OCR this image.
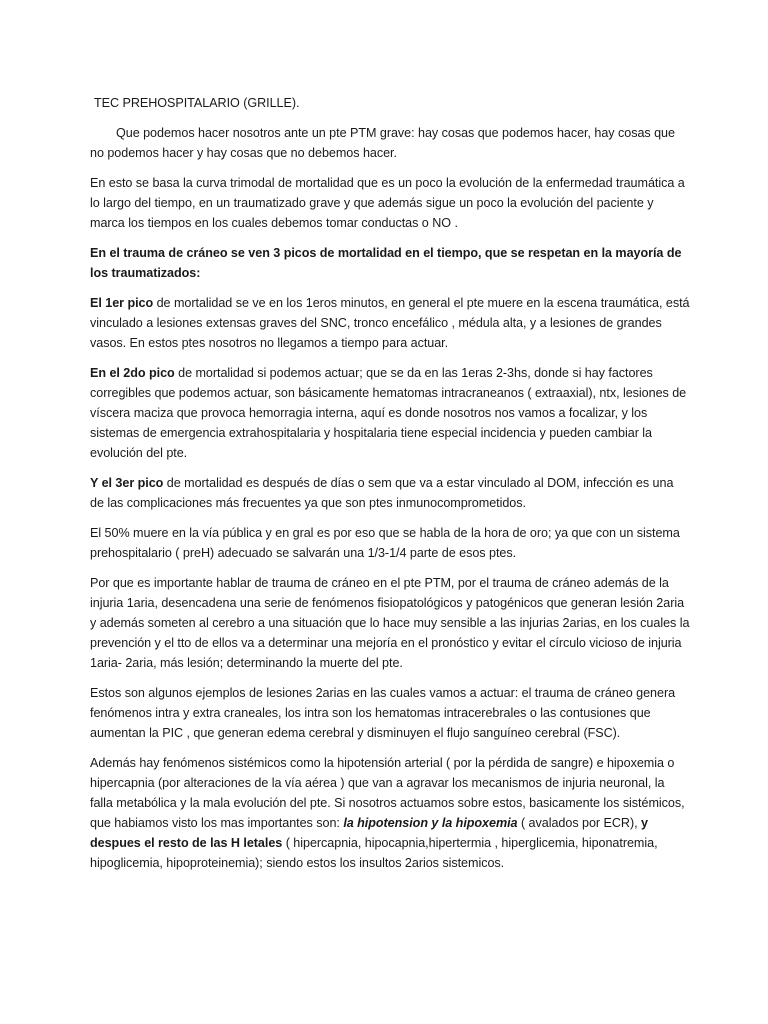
TEC PREHOSPITALARIO (GRILLE).

Que podemos hacer nosotros ante un pte PTM grave: hay cosas que podemos hacer, hay cosas que no podemos hacer y hay cosas que no debemos hacer.

En esto se basa la curva trimodal de mortalidad que es un poco la evolución de la enfermedad traumática a lo largo del tiempo, en un traumatizado grave y que además sigue un poco la evolución del paciente y marca los tiempos en los cuales debemos tomar conductas o NO .

En el trauma de cráneo se ven 3 picos de mortalidad en el tiempo, que se respetan en la mayoría de los traumatizados:

El 1er pico de mortalidad se ve en los 1eros minutos, en general el pte muere en la escena traumática, está vinculado a lesiones extensas graves del SNC, tronco encefálico , médula alta, y a lesiones de grandes vasos. En estos ptes nosotros no llegamos a tiempo para actuar.

En el 2do pico de mortalidad si podemos actuar; que se da en las 1eras 2-3hs, donde si hay factores corregibles que podemos actuar, son básicamente hematomas intracraneanos ( extraaxial), ntx, lesiones de víscera maciza que provoca hemorragia interna, aquí es donde nosotros nos vamos a focalizar, y los sistemas de emergencia extrahospitalaria y hospitalaria tiene especial incidencia y pueden cambiar la evolución del pte.

Y el 3er pico de mortalidad es después de días o sem que va a estar vinculado al DOM, infección es una de las complicaciones más frecuentes ya que son ptes inmunocomprometidos.

El 50% muere en la vía pública y en gral es por eso que se habla de la hora de oro; ya que con un sistema prehospitalario ( preH) adecuado se salvarán una 1/3-1/4 parte de esos ptes.

Por que es importante hablar de trauma de cráneo en el pte PTM, por el trauma de cráneo además de la injuria 1aria, desencadena una serie de fenómenos fisiopatológicos y patogénicos que generan lesión 2aria y además someten al cerebro a una situación que lo hace muy sensible a las injurias 2arias, en los cuales la prevención y el tto de ellos va a determinar una mejoría en el pronóstico y evitar el círculo vicioso de injuria 1aria- 2aria, más lesión; determinando la muerte del pte.

Estos son algunos ejemplos de lesiones 2arias en las cuales vamos a actuar: el trauma de cráneo genera fenómenos intra y extra craneales, los intra son los hematomas intracerebrales o las contusiones que aumentan la PIC , que generan edema cerebral y disminuyen el flujo sanguíneo cerebral (FSC).

Además hay fenómenos sistémicos como la hipotensión arterial ( por la pérdida de sangre) e hipoxemia o hipercapnia (por alteraciones de la vía aérea ) que van a agravar los mecanismos de injuria neuronal, la falla metabólica y la mala evolución del pte. Si nosotros actuamos sobre estos, basicamente los sistémicos, que habiamos visto los mas importantes son: la hipotension y la hipoxemia ( avalados por ECR), y despues el resto de las H letales ( hipercapnia, hipocapnia,hipertermia , hiperglicemia, hiponatremia, hipoglicemia, hipoproteinemia); siendo estos los insultos 2arios sistemicos.
